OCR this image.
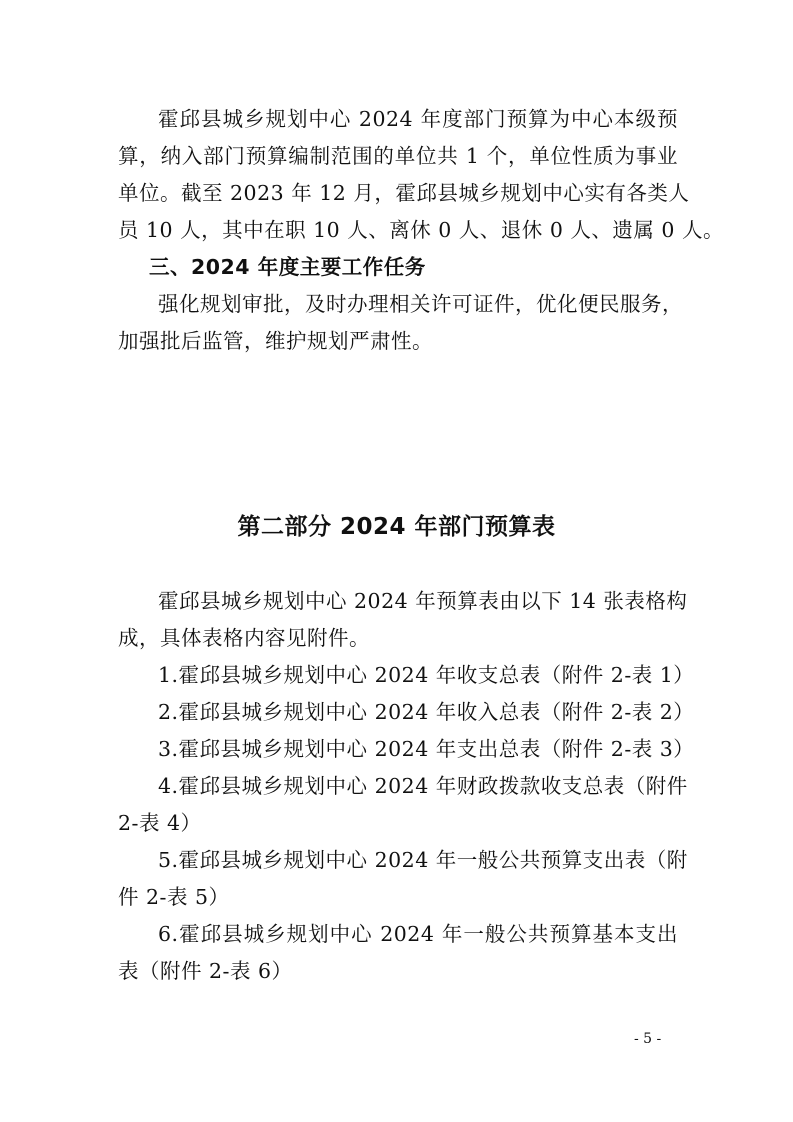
霍邱县城乡规划中心 2024 年度部门预算为中心本级预
算，纳入部门预算编制范围的单位共 1 个，单位性质为事业
单位。截至 2023 年 12 月，霍邱县城乡规划中心实有各类人
员 10 人，其中在职 10 人、离休 0 人、退休 0 人、遗属 0 人。
三、2024 年度主要工作任务
强化规划审批，及时办理相关许可证件，优化便民服务，
加强批后监管，维护规划严肃性。
第二部分 2024 年部门预算表
霍邱县城乡规划中心 2024 年预算表由以下 14 张表格构
成，具体表格内容见附件。
1.霍邱县城乡规划中心 2024 年收支总表（附件 2-表 1）
2.霍邱县城乡规划中心 2024 年收入总表（附件 2-表 2）
3.霍邱县城乡规划中心 2024 年支出总表（附件 2-表 3）
4.霍邱县城乡规划中心 2024 年财政拨款收支总表（附件
2-表 4）
5.霍邱县城乡规划中心 2024 年一般公共预算支出表（附
件 2-表 5）
6.霍邱县城乡规划中心 2024 年一般公共预算基本支出
表（附件 2-表 6）
- 5 -
